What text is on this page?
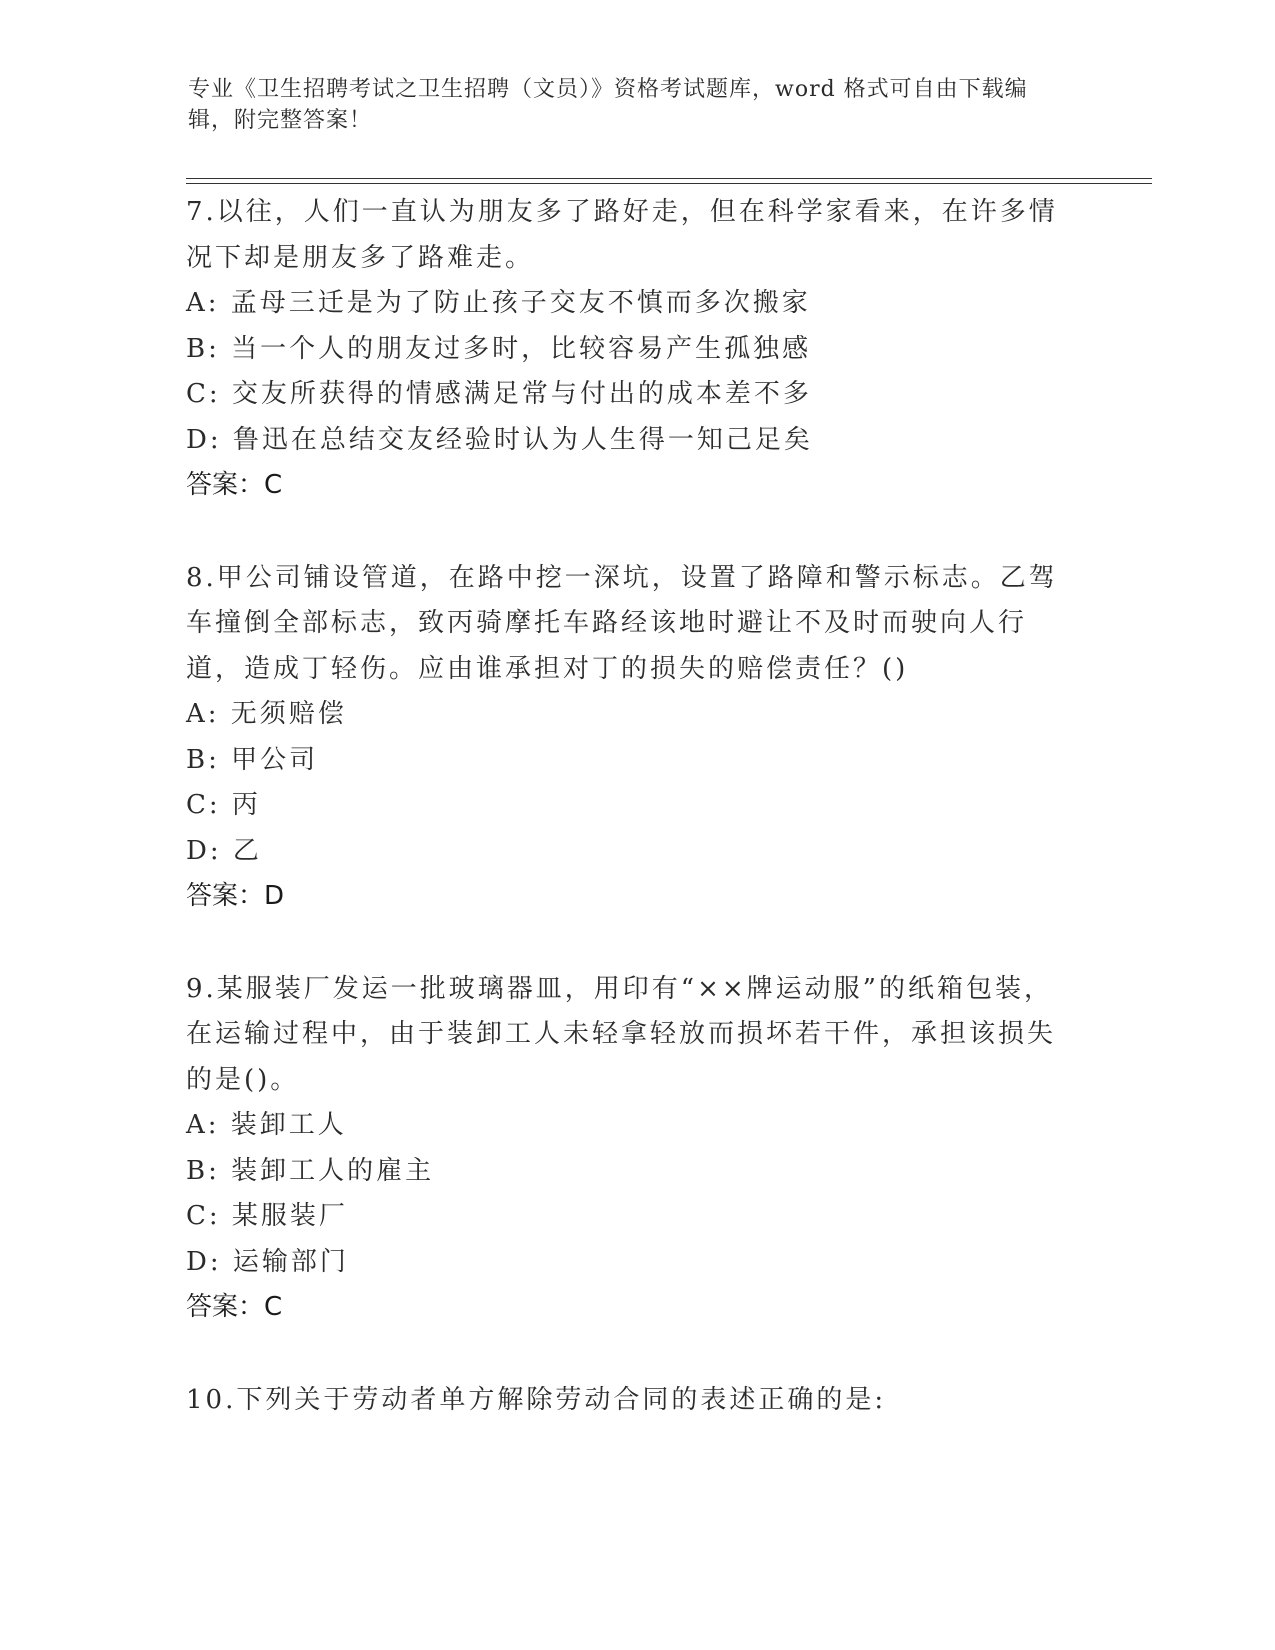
专业《卫生招聘考试之卫生招聘（文员）》资格考试题库，word 格式可自由下载编辑，附完整答案！

7.以往，人们一直认为朋友多了路好走，但在科学家看来，在许多情况下却是朋友多了路难走。

A: 孟母三迁是为了防止孩子交友不慎而多次搬家

B: 当一个人的朋友过多时，比较容易产生孤独感

C: 交友所获得的情感满足常与付出的成本差不多

D: 鲁迅在总结交友经验时认为人生得一知己足矣

答案：C

8.甲公司铺设管道，在路中挖一深坑，设置了路障和警示标志。乙驾车撞倒全部标志，致丙骑摩托车路经该地时避让不及时而驶向人行道，造成丁轻伤。应由谁承担对丁的损失的赔偿责任？()

A: 无须赔偿

B: 甲公司

C: 丙

D: 乙

答案：D

9.某服装厂发运一批玻璃器皿，用印有“××牌运动服”的纸箱包装，在运输过程中，由于装卸工人未轻拿轻放而损坏若干件，承担该损失的是()。

A: 装卸工人

B: 装卸工人的雇主

C: 某服装厂

D: 运输部门

答案：C

10.下列关于劳动者单方解除劳动合同的表述正确的是:
